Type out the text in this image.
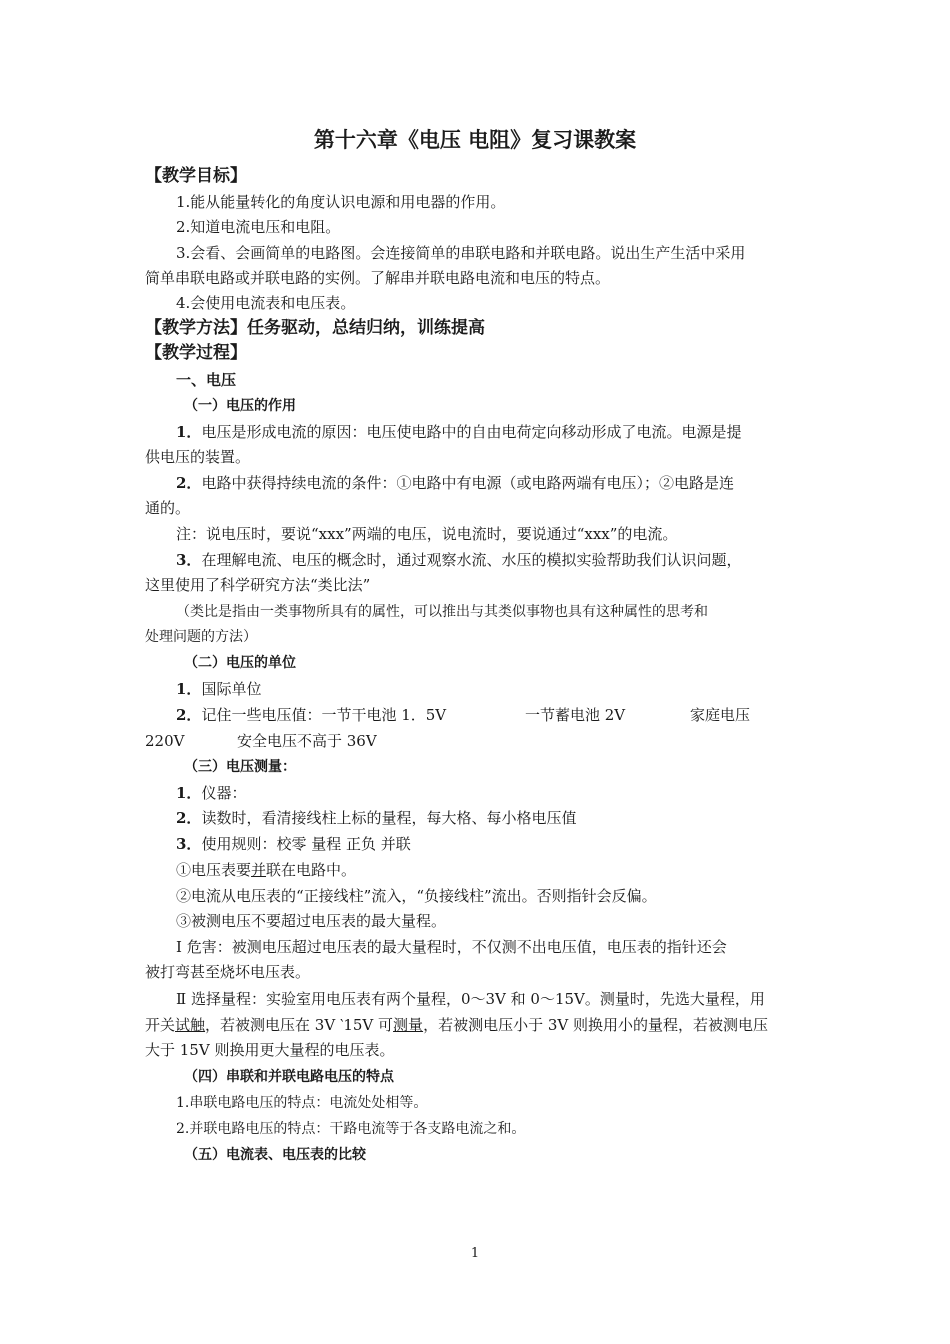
第十六章《电压 电阻》复习课教案
【教学目标】
1.能从能量转化的角度认识电源和用电器的作用。
2.知道电流电压和电阻。
3.会看、会画简单的电路图。会连接简单的串联电路和并联电路。说出生产生活中采用
简单串联电路或并联电路的实例。了解串并联电路电流和电压的特点。
4.会使用电流表和电压表。
【教学方法】任务驱动，总结归纳，训练提高
【教学过程】
一、电压
（一）电压的作用
1．电压是形成电流的原因：电压使电路中的自由电荷定向移动形成了电流。电源是提
供电压的装置。
2．电路中获得持续电流的条件：①电路中有电源（或电路两端有电压）；②电路是连
通的。
注：说电压时，要说“xxx”两端的电压，说电流时，要说通过“xxx”的电流。
3．在理解电流、电压的概念时，通过观察水流、水压的模拟实验帮助我们认识问题，
这里使用了科学研究方法“类比法”
（类比是指由一类事物所具有的属性，可以推出与其类似事物也具有这种属性的思考和
处理问题的方法）
（二）电压的单位
1．国际单位
2．记住一些电压值：一节干电池 1．5V	一节蓄电池 2V	家庭电压
220V	安全电压不高于 36V
（三）电压测量：
1．仪器：
2．读数时，看清接线柱上标的量程，每大格、每小格电压值
3．使用规则：校零 量程 正负 并联
①电压表要并联在电路中。
②电流从电压表的“正接线柱”流入，“负接线柱”流出。否则指针会反偏。
③被测电压不要超过电压表的最大量程。
Ⅰ 危害：被测电压超过电压表的最大量程时，不仅测不出电压值，电压表的指针还会
被打弯甚至烧坏电压表。
Ⅱ 选择量程：实验室用电压表有两个量程，0～3V 和 0～15V。测量时，先选大量程，用
开关试触，若被测电压在 3V ‵15V 可测量，若被测电压小于 3V 则换用小的量程，若被测电压
大于 15V 则换用更大量程的电压表。
（四）串联和并联电路电压的特点
1.串联电路电压的特点：电流处处相等。
2.并联电路电压的特点：干路电流等于各支路电流之和。
（五）电流表、电压表的比较
1
